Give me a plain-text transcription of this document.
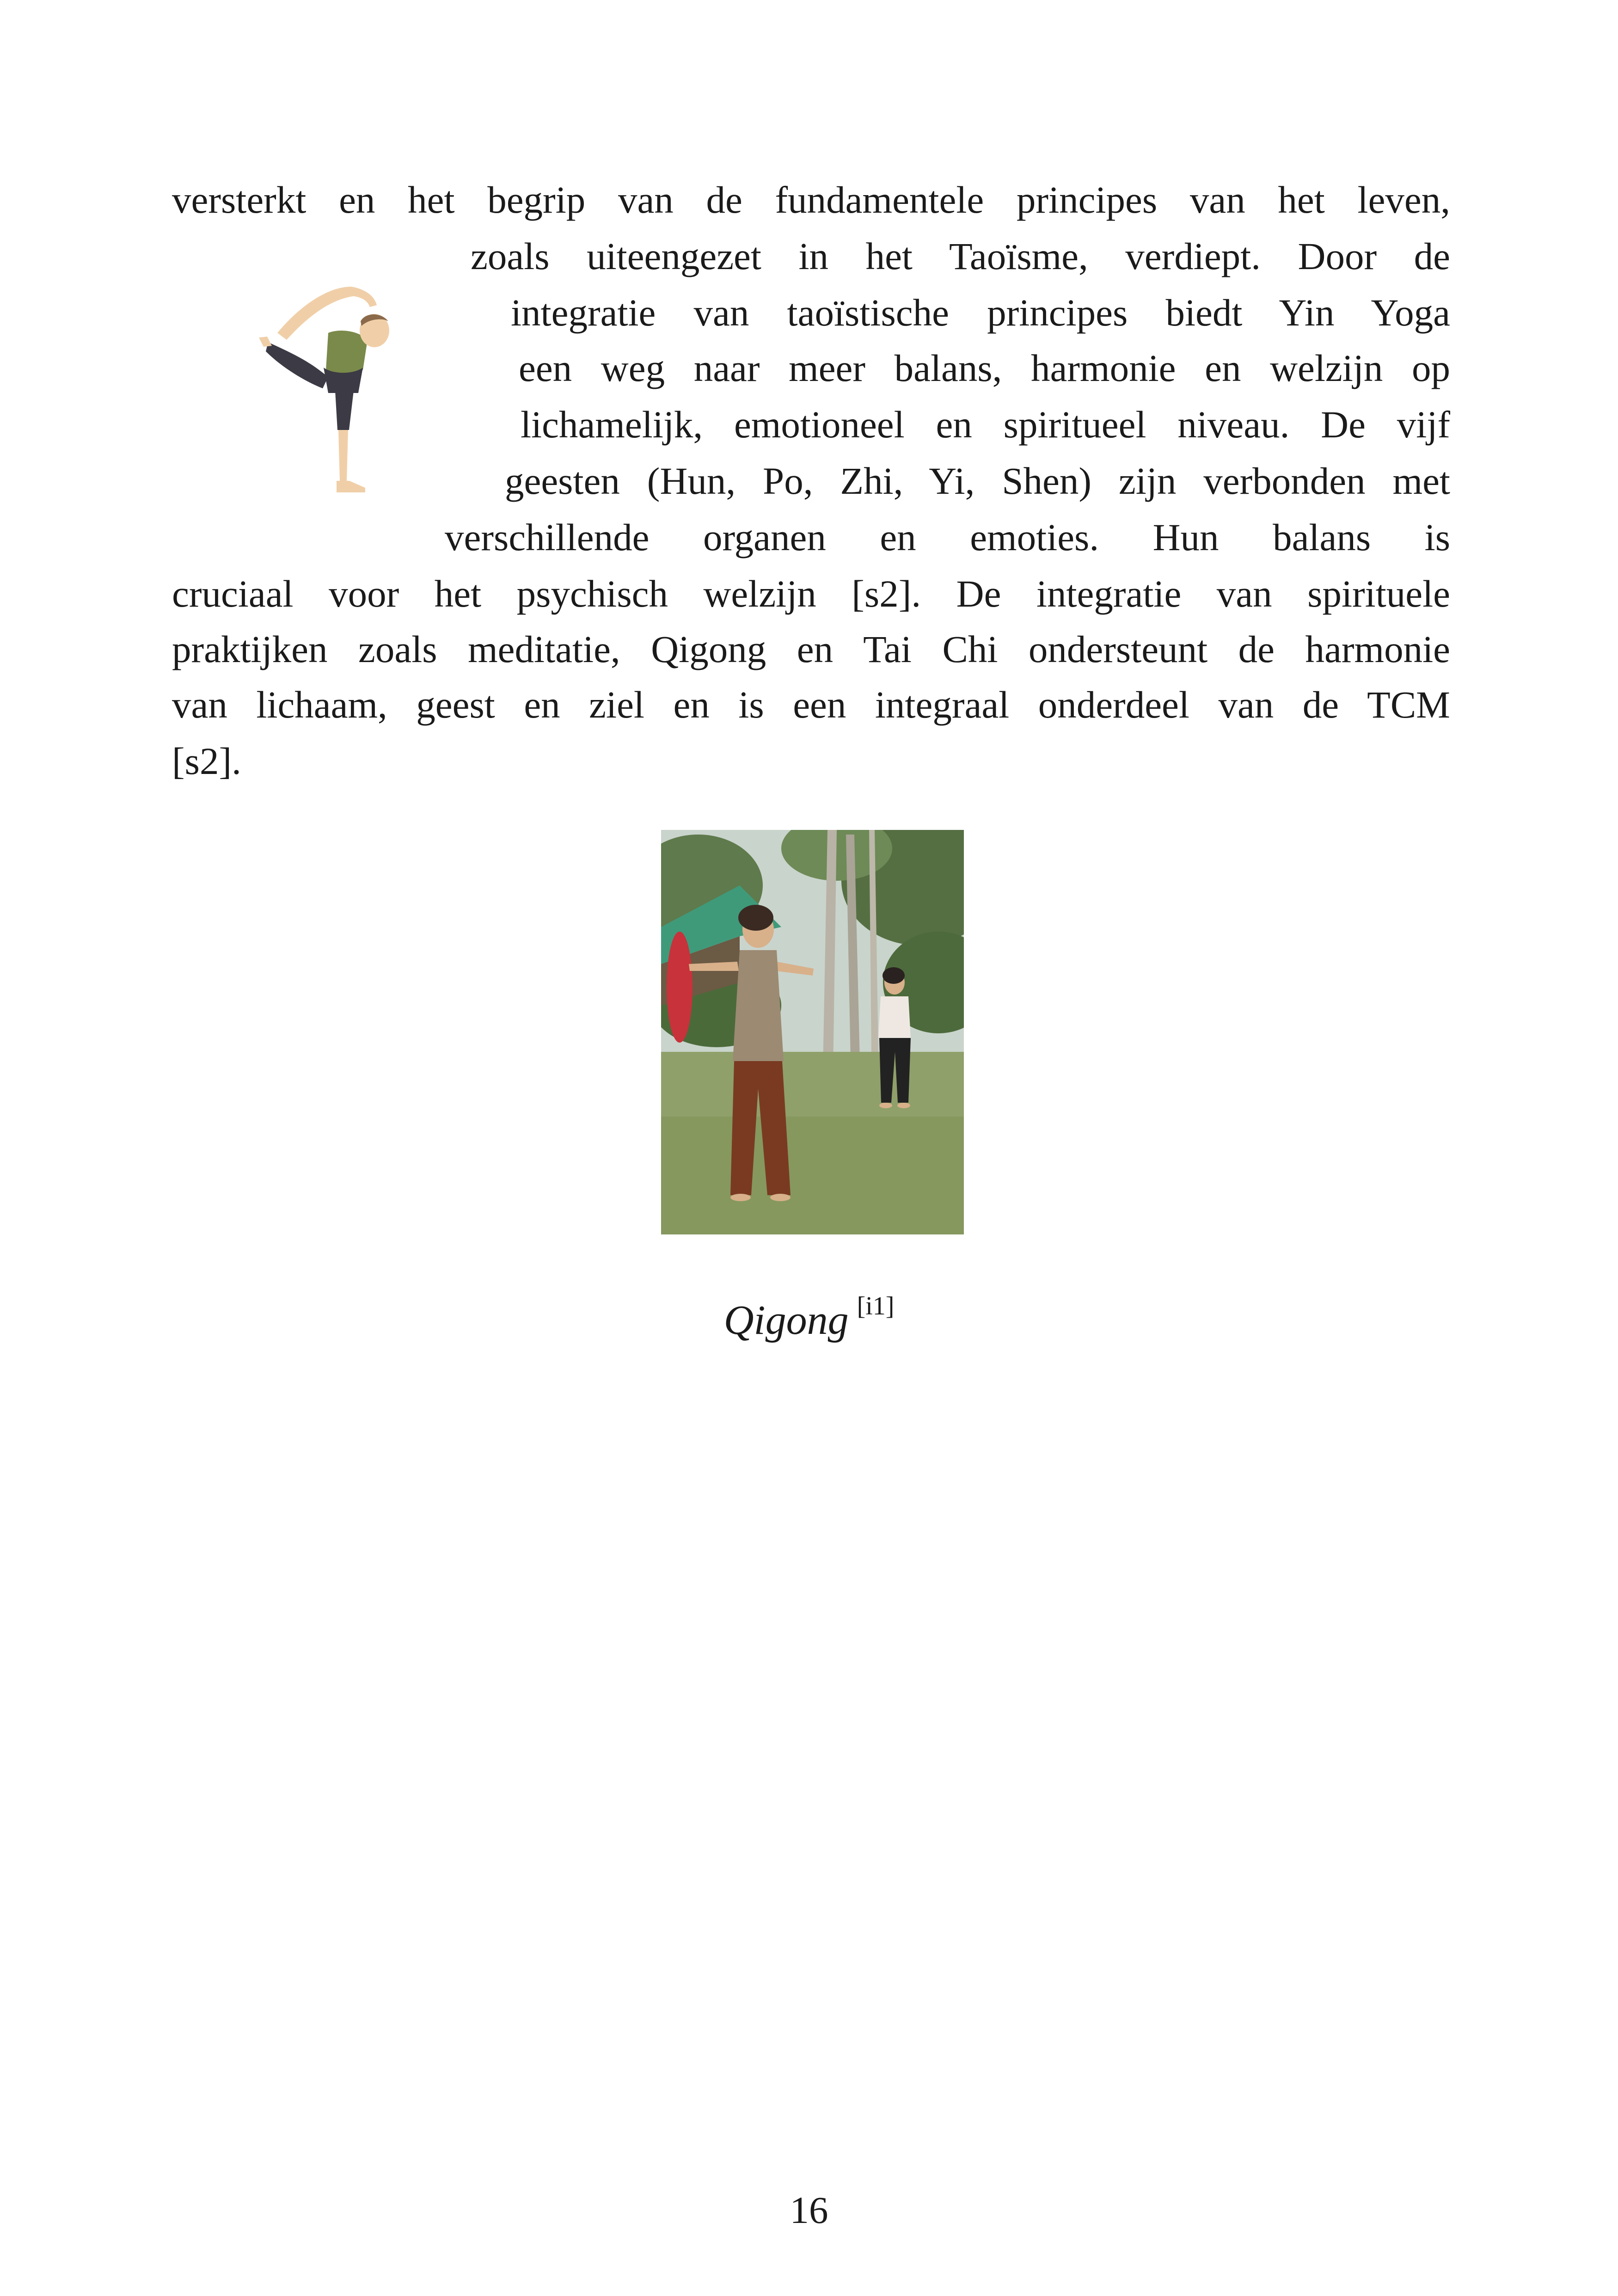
versterkt en het begrip van de fundamentele principes van het leven,
zoals uiteengezet in het Taoïsme, verdiept. Door de
integratie van taoïstische principes biedt Yin Yoga
een weg naar meer balans, harmonie en welzijn op
lichamelijk, emotioneel en spiritueel niveau. De vijf
geesten (Hun, Po, Zhi, Yi, Shen) zijn verbonden met
verschillende organen en emoties. Hun balans is
cruciaal voor het psychisch welzijn [s2]. De integratie van spirituele
praktijken zoals meditatie, Qigong en Tai Chi ondersteunt de harmonie
van lichaam, geest en ziel en is een integraal onderdeel van de TCM
[s2].
Qigong [i1]
16
